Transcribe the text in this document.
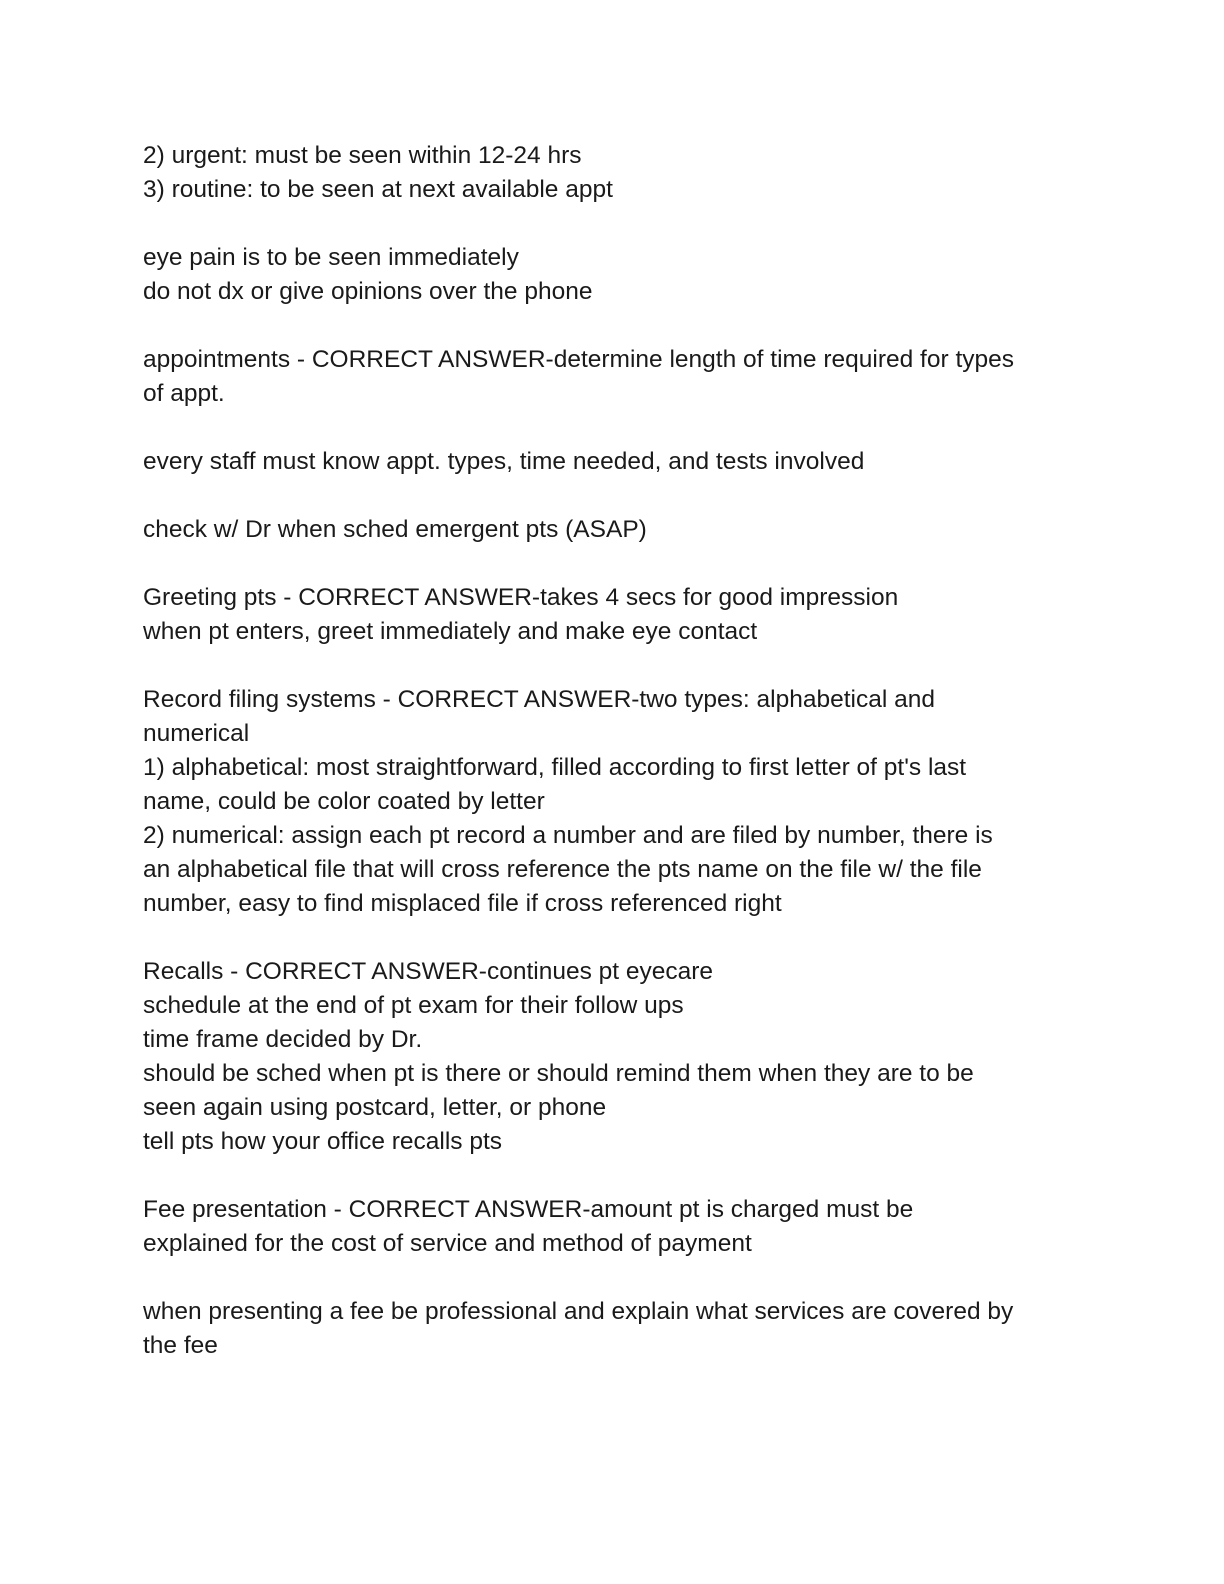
2) urgent: must be seen within 12-24 hrs
3) routine: to be seen at next available appt
eye pain is to be seen immediately
do not dx or give opinions over the phone
appointments - CORRECT ANSWER-determine length of time required for types
of appt.
every staff must know appt. types, time needed, and tests involved
check w/ Dr when sched emergent pts (ASAP)
Greeting pts - CORRECT ANSWER-takes 4 secs for good impression
when pt enters, greet immediately and make eye contact
Record filing systems - CORRECT ANSWER-two types: alphabetical and
numerical
1) alphabetical: most straightforward, filled according to first letter of pt's last
name, could be color coated by letter
2) numerical: assign each pt record a number and are filed by number, there is
an alphabetical file that will cross reference the pts name on the file w/ the file
number, easy to find misplaced file if cross referenced right
Recalls - CORRECT ANSWER-continues pt eyecare
schedule at the end of pt exam for their follow ups
time frame decided by Dr.
should be sched when pt is there or should remind them when they are to be
seen again using postcard, letter, or phone
tell pts how your office recalls pts
Fee presentation - CORRECT ANSWER-amount pt is charged must be
explained for the cost of service and method of payment
when presenting a fee be professional and explain what services are covered by
the fee
